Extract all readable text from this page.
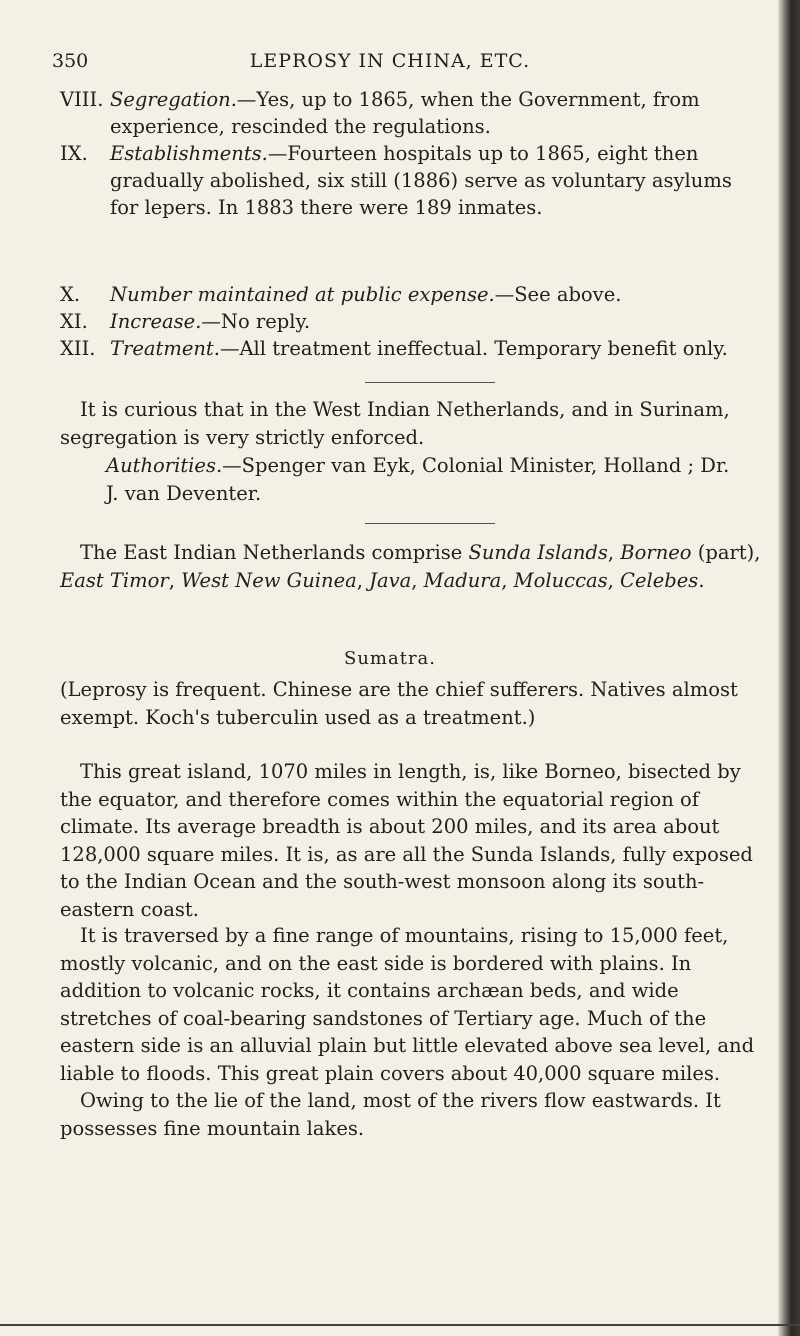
350	LEPROSY IN CHINA, ETC.
VIII. Segregation.—Yes, up to 1865, when the Government, from experience, rescinded the regulations.
IX.	Establishments.—Fourteen hospitals up to 1865, eight then gradually abolished, six still (1886) serve as voluntary asylums for lepers. In 1883 there were 189 inmates.
X.	Number maintained at public expense.—See above.
XI.	Increase.—No reply.
XII. Treatment.—All treatment ineffectual. Temporary benefit only.
It is curious that in the West Indian Netherlands, and in Surinam, segregation is very strictly enforced.
Authorities.—Spenger van Eyk, Colonial Minister, Holland ; Dr. J. van Deventer.
The East Indian Netherlands comprise Sunda Islands, Borneo (part), East Timor, West New Guinea, Java, Madura, Moluccas, Celebes.
Sumatra.
(Leprosy is frequent. Chinese are the chief sufferers. Natives almost exempt. Koch's tuberculin used as a treatment.)
This great island, 1070 miles in length, is, like Borneo, bisected by the equator, and therefore comes within the equatorial region of climate. Its average breadth is about 200 miles, and its area about 128,000 square miles. It is, as are all the Sunda Islands, fully exposed to the Indian Ocean and the south-west monsoon along its south-eastern coast.
It is traversed by a fine range of mountains, rising to 15,000 feet, mostly volcanic, and on the east side is bordered with plains. In addition to volcanic rocks, it contains archæan beds, and wide stretches of coal-bearing sandstones of Tertiary age. Much of the eastern side is an alluvial plain but little elevated above sea level, and liable to floods. This great plain covers about 40,000 square miles.
Owing to the lie of the land, most of the rivers flow eastwards. It possesses fine mountain lakes.
